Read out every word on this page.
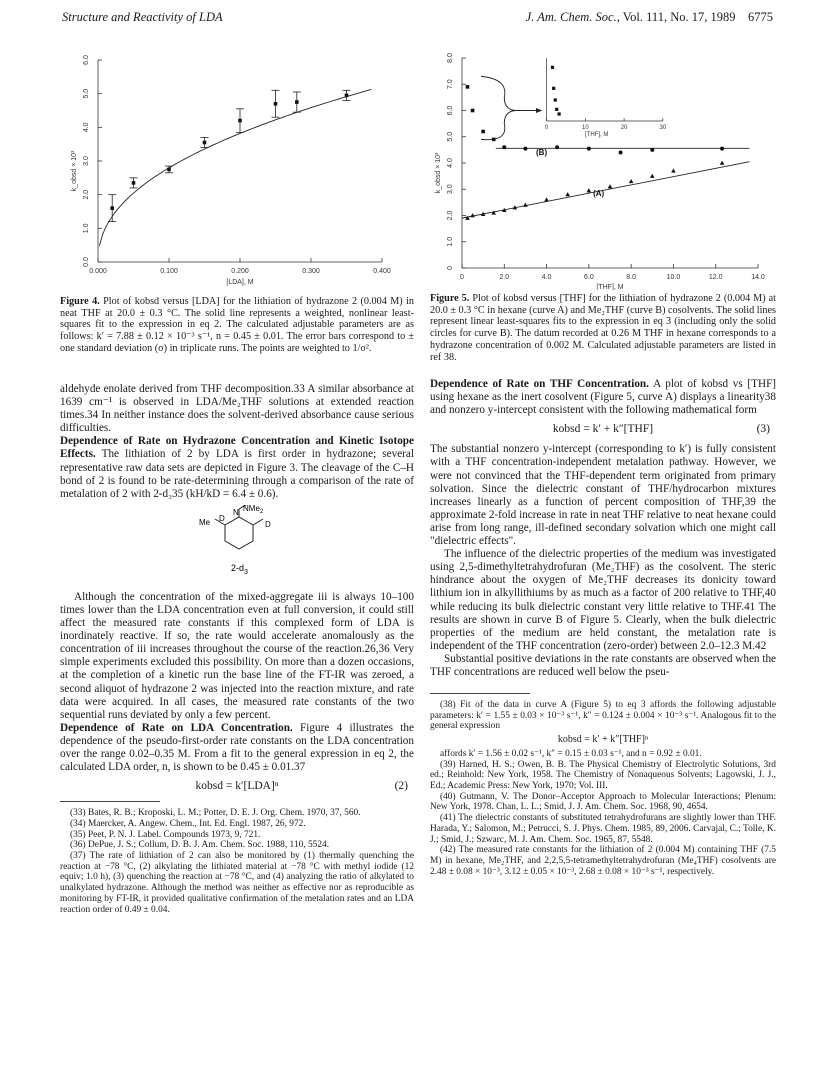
Structure and Reactivity of LDA	J. Am. Chem. Soc., Vol. 111, No. 17, 1989 6775
0.0
1.0
2.0
3.0
4.0
5.0
6.0
0.000	0.100	0.200	0.300	0.400
k_obsd × 10³
[LDA], M
Figure 4. Plot of kobsd versus [LDA] for the lithiation of hydrazone 2 (0.004 M) in neat THF at 20.0 ± 0.3 °C. The solid line represents a weighted, nonlinear least-squares fit to the expression in eq 2. The calculated adjustable parameters are as follows: k′ = 7.88 ± 0.12 × 10⁻³ s⁻¹, n = 0.45 ± 0.01. The error bars correspond to ± one standard deviation (σ) in triplicate runs. The points are weighted to 1/σ².

aldehyde enolate derived from THF decomposition.33 A similar absorbance at 1639 cm⁻¹ is observed in LDA/Me₂THF solutions at extended reaction times.34 In neither instance does the solvent-derived absorbance cause serious difficulties.

Dependence of Rate on Hydrazone Concentration and Kinetic Isotope Effects. The lithiation of 2 by LDA is first order in hydrazone; several representative raw data sets are depicted in Figure 3. The cleavage of the C–H bond of 2 is found to be rate-determining through a comparison of the rate of metalation of 2 with 2-d₃35 (kH/kD = 6.4 ± 0.6).

NMe$_2$
N
Me D
D
$2-d_3$

Although the concentration of the mixed-aggregate iii is always 10–100 times lower than the LDA concentration even at full conversion, it could still affect the measured rate constants if this complexed form of LDA is inordinately reactive. If so, the rate would accelerate anomalously as the concentration of iii increases throughout the course of the reaction.26,36 Very simple experiments excluded this possibility. On more than a dozen occasions, at the completion of a kinetic run the base line of the FT-IR was zeroed, a second aliquot of hydrazone 2 was injected into the reaction mixture, and rate data were acquired. In all cases, the measured rate constants of the two sequential runs deviated by only a few percent.

Dependence of Rate on LDA Concentration. Figure 4 illustrates the dependence of the pseudo-first-order rate constants on the LDA concentration over the range 0.02–0.35 M. From a fit to the general expression in eq 2, the calculated LDA order, n, is shown to be 0.45 ± 0.01.37

kobsd = k′[LDA]ⁿ	(2)

(33) Bates, R. B.; Kroposki, L. M.; Potter, D. E. J. Org. Chem. 1970, 37, 560.

(34) Maercker, A. Angew. Chem., Int. Ed. Engl. 1987, 26, 972.

(35) Peet, P. N. J. Label. Compounds 1973, 9, 721.

(36) DePue, J. S.; Collum, D. B. J. Am. Chem. Soc. 1988, 110, 5524.

(37) The rate of lithiation of 2 can also be monitored by (1) thermally quenching the reaction at −78 °C, (2) alkylating the lithiated material at −78 °C with methyl iodide (12 equiv; 1.0 h), (3) quenching the reaction at −78 °C, and (4) analyzing the ratio of alkylated to unalkylated hydrazone. Although the method was neither as effective nor as reproducible as monitoring by FT-IR, it provided qualitative confirmation of the metalation rates and an LDA reaction order of 0.49 ± 0.04.

0
1.0
2.0
3.0
4.0
5.0
6.0
7.0
8.0
0	2.0	4.0	6.0	8.0	10.0	12.0	14.0
k_obsd × 10³
[THF], M
(A)
(B)
0	10	20	30
[THF], M
Figure 5. Plot of kobsd versus [THF] for the lithiation of hydrazone 2 (0.004 M) at 20.0 ± 0.3 °C in hexane (curve A) and Me₂THF (curve B) cosolvents. The solid lines represent linear least-squares fits to the expression in eq 3 (including only the solid circles for curve B). The datum recorded at 0.26 M THF in hexane corresponds to a hydrazone concentration of 0.002 M. Calculated adjustable parameters are listed in ref 38.

Dependence of Rate on THF Concentration. A plot of kobsd vs [THF] using hexane as the inert cosolvent (Figure 5, curve A) displays a linearity38 and nonzero y-intercept consistent with the following mathematical form

kobsd = k′ + k″[THF]	(3)

The substantial nonzero y-intercept (corresponding to k′) is fully consistent with a THF concentration-independent metalation pathway. However, we were not convinced that the THF-dependent term originated from primary solvation. Since the dielectric constant of THF/hydrocarbon mixtures increases linearly as a function of percent composition of THF,39 the approximate 2-fold increase in rate in neat THF relative to neat hexane could arise from long range, ill-defined secondary solvation which one might call "dielectric effects".

The influence of the dielectric properties of the medium was investigated using 2,5-dimethyltetrahydrofuran (Me₂THF) as the cosolvent. The steric hindrance about the oxygen of Me₂THF decreases its donicity toward lithium ion in alkyllithiums by as much as a factor of 200 relative to THF,40 while reducing its bulk dielectric constant very little relative to THF.41 The results are shown in curve B of Figure 5. Clearly, when the bulk dielectric properties of the medium are held constant, the metalation rate is independent of the THF concentration (zero-order) between 2.0–12.3 M.42

Substantial positive deviations in the rate constants are observed when the THF concentrations are reduced well below the pseu-

(38) Fit of the data in curve A (Figure 5) to eq 3 affords the following adjustable parameters: k′ = 1.55 ± 0.03 × 10⁻³ s⁻¹, k″ = 0.124 ± 0.004 × 10⁻³ s⁻¹. Analogous fit to the general expression

kobsd = k′ + k″[THF]ⁿ

affords k′ = 1.56 ± 0.02 s⁻¹, k″ = 0.15 ± 0.03 s⁻¹, and n = 0.92 ± 0.01.

(39) Harned, H. S.; Owen, B. B. The Physical Chemistry of Electrolytic Solutions, 3rd ed.; Reinhold: New York, 1958. The Chemistry of Nonaqueous Solvents; Lagowski, J. J., Ed.; Academic Press: New York, 1970; Vol. III.

(40) Gutmann, V. The Donor–Acceptor Approach to Molecular Interactions; Plenum: New York, 1978. Chan, L. L.; Smid, J. J. Am. Chem. Soc. 1968, 90, 4654.

(41) The dielectric constants of substituted tetrahydrofurans are slightly lower than THF. Harada, Y.; Salomon, M.; Petrucci, S. J. Phys. Chem. 1985, 89, 2006. Carvajal, C.; Tolle, K. J.; Smid, J.; Szwarc, M. J. Am. Chem. Soc. 1965, 87, 5548.

(42) The measured rate constants for the lithiation of 2 (0.004 M) containing THF (7.5 M) in hexane, Me₂THF, and 2,2,5,5-tetramethyltetrahydrofuran (Me₄THF) cosolvents are 2.48 ± 0.08 × 10⁻³, 3.12 ± 0.05 × 10⁻³, 2.68 ± 0.08 × 10⁻³ s⁻¹, respectively.
